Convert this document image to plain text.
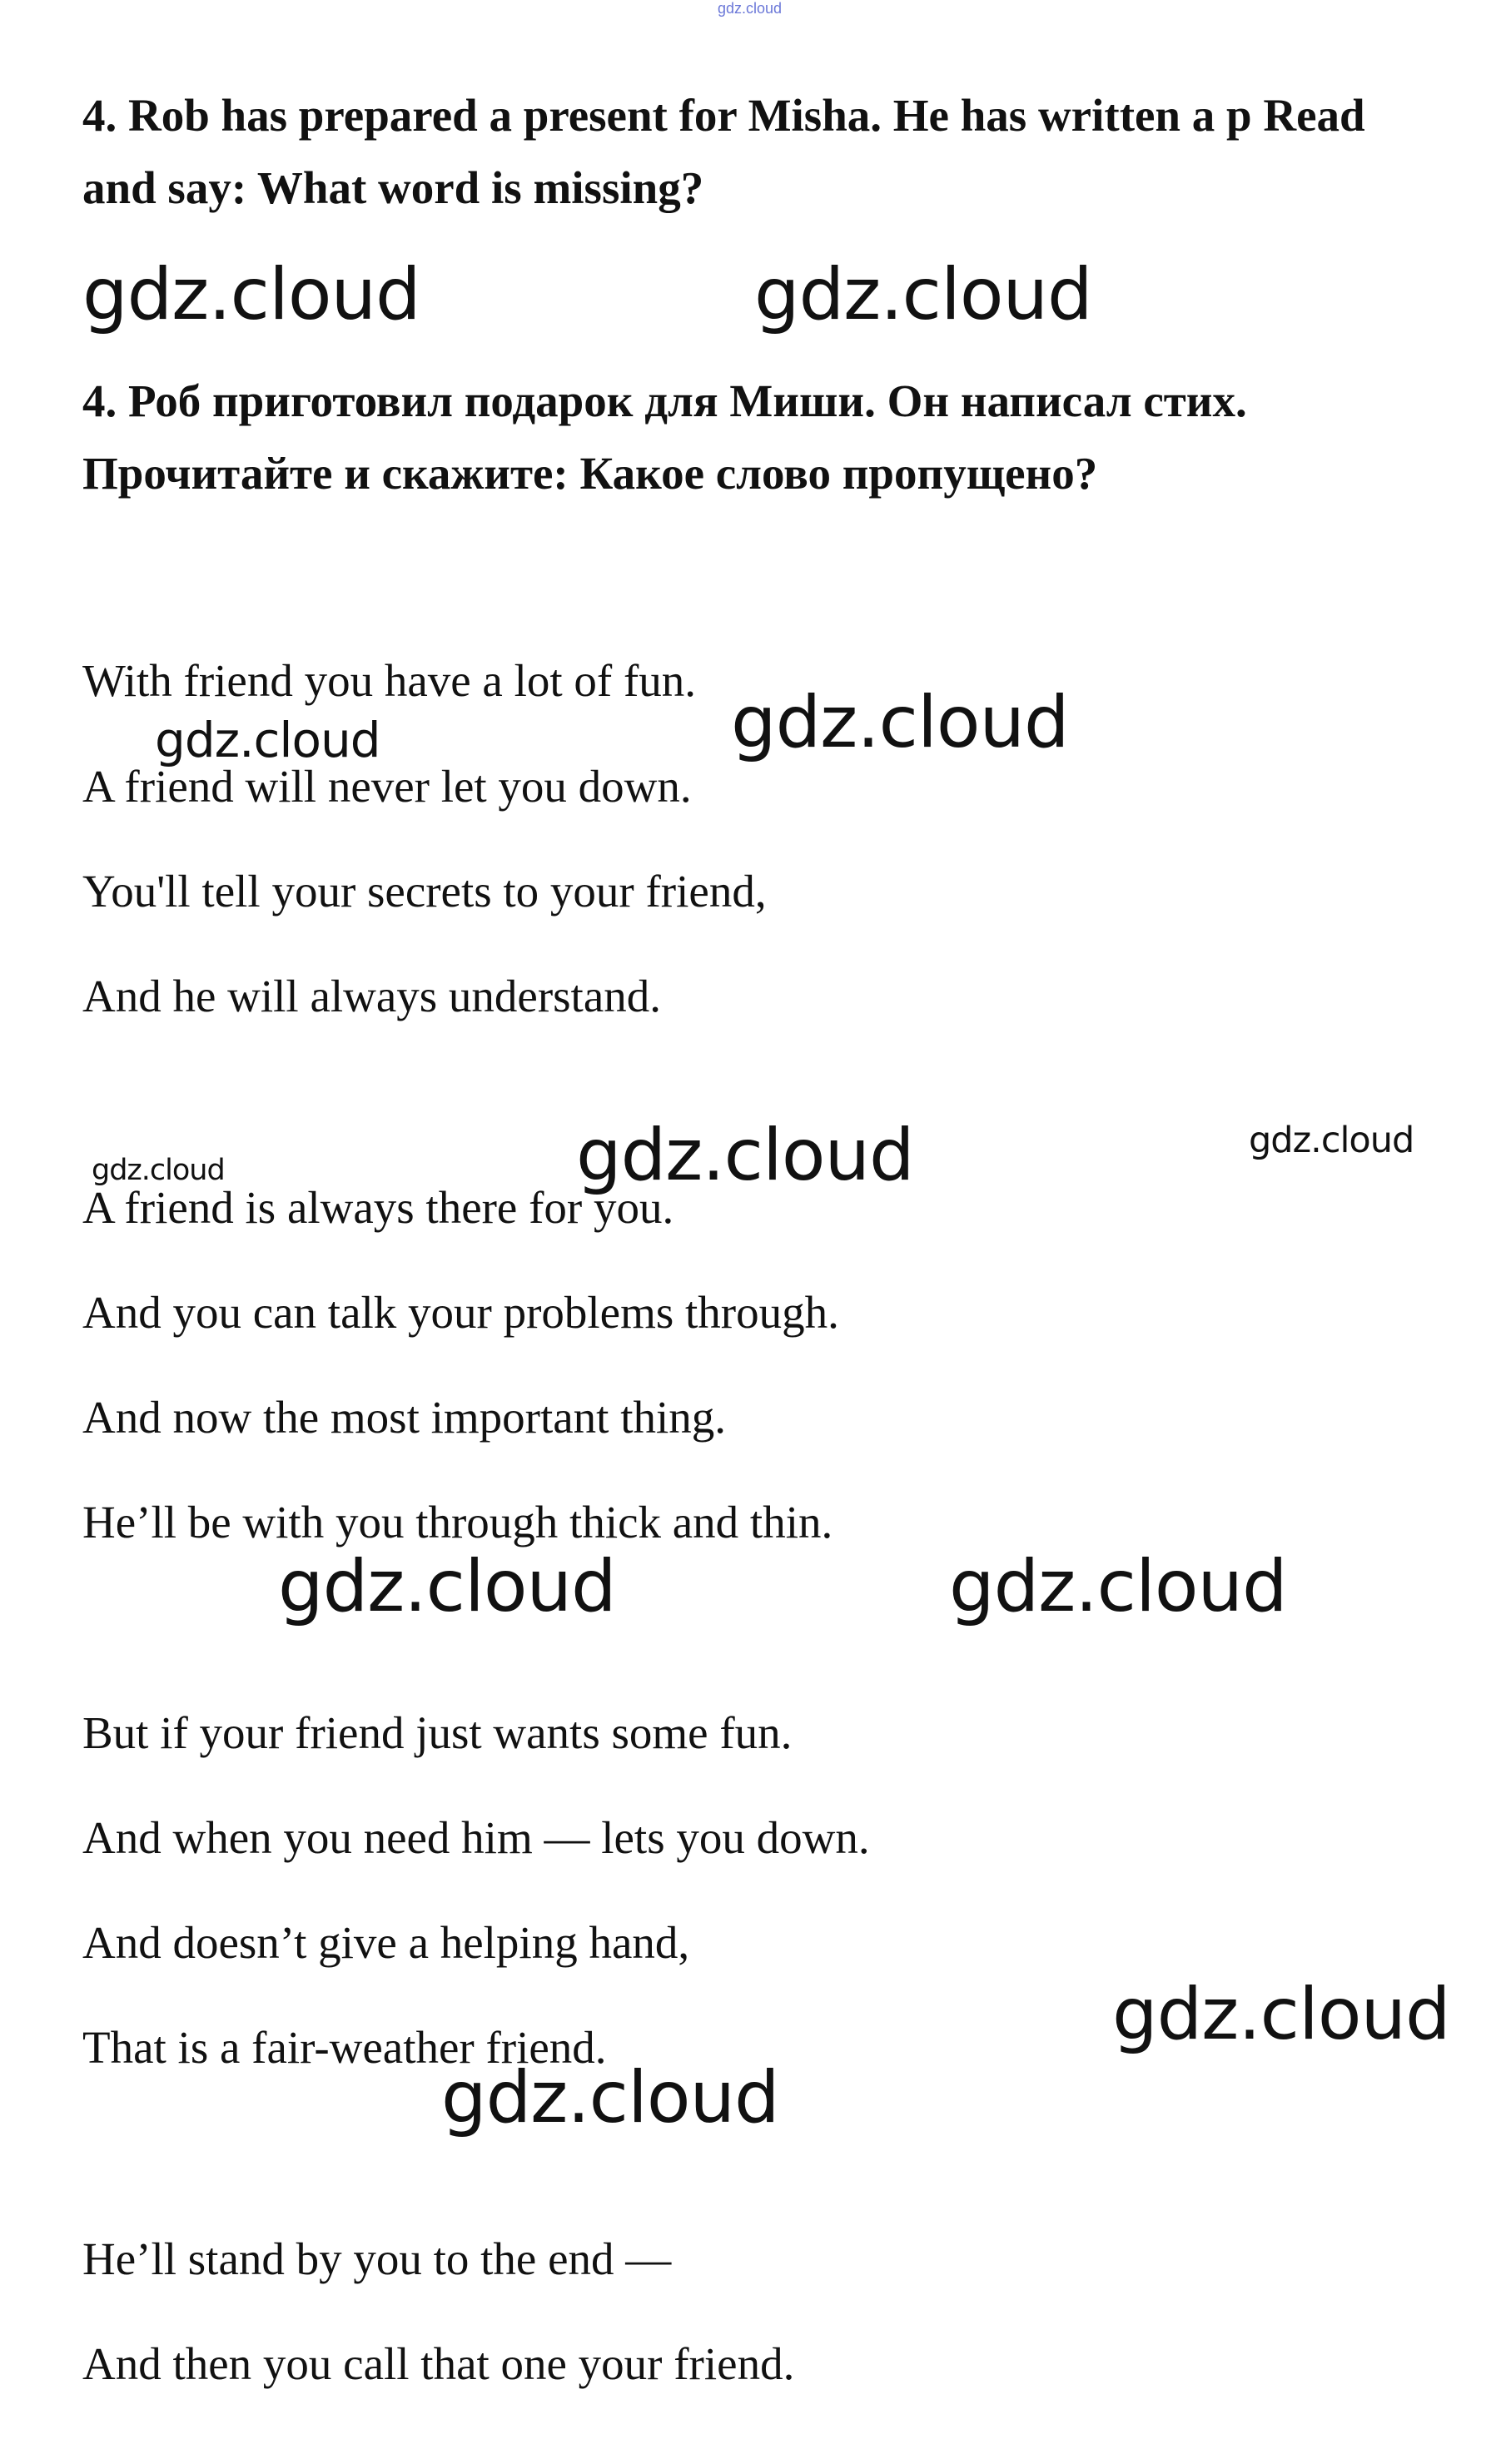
gdz.cloud
4. Rob has prepared a present for Misha. He has written a p Read
and say: What word is missing?
4. Роб приготовил подарок для Миши. Он написал стих.
Прочитайте и скажите: Какое слово пропущено?
With friend you have a lot of fun.
A friend will never let you down.
You'll tell your secrets to your friend,
And he will always understand.
A friend is always there for you.
And you can talk your problems through.
And now the most important thing.
He’ll be with you through thick and thin.
But if your friend just wants some fun.
And when you need him — lets you down.
And doesn’t give a helping hand,
That is a fair-weather friend.
He’ll stand by you to the end —
And then you call that one your friend.
gdz.cloud	gdz.cloud
gdz.cloud	gdz.cloud
gdz.cloud	gdz.cloud
gdz.cloud
gdz.cloud	gdz.cloud
gdz.cloud
gdz.cloud
